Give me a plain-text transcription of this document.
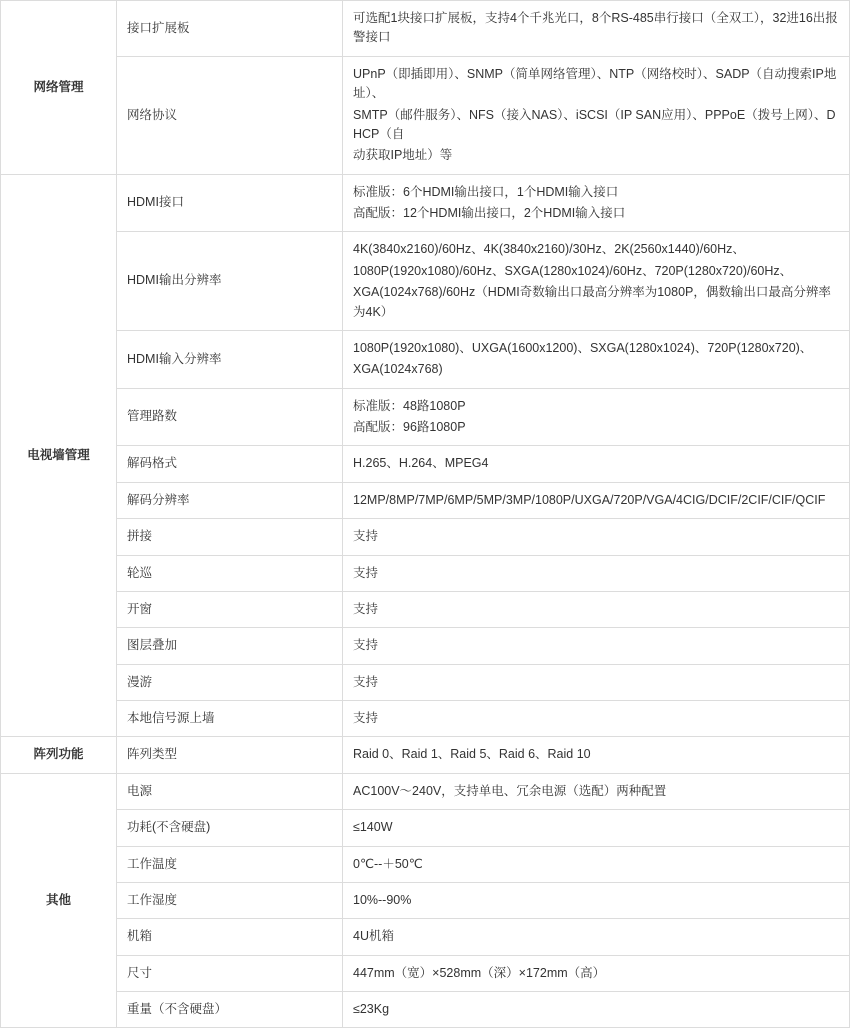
网络管理	接口扩展板	可选配1块接口扩展板，支持4个千兆光口，8个RS-485串行接口（全双工），32进16出报警接口

	网络协议	UPnP（即插即用）、SNMP（简单网络管理）、NTP（网络校时）、SADP（自动搜索IP地址）、
SMTP（邮件服务）、NFS（接入NAS）、iSCSI（IP SAN应用）、PPPoE（拨号上网）、DHCP（自
动获取IP地址）等

电视墙管理	HDMI接口	标准版：6个HDMI输出接口，1个HDMI输入接口
高配版：12个HDMI输出接口，2个HDMI输入接口

	HDMI输出分辨率	4K(3840x2160)/60Hz、4K(3840x2160)/30Hz、2K(2560x1440)/60Hz、
1080P(1920x1080)/60Hz、SXGA(1280x1024)/60Hz、720P(1280x720)/60Hz、
XGA(1024x768)/60Hz（HDMI奇数输出口最高分辨率为1080P，偶数输出口最高分辨率为4K）

	HDMI输入分辨率	1080P(1920x1080)、UXGA(1600x1200)、SXGA(1280x1024)、720P(1280x720)、
XGA(1024x768)

	管理路数	标准版：48路1080P
高配版：96路1080P

	解码格式	H.265、H.264、MPEG4

	解码分辨率	12MP/8MP/7MP/6MP/5MP/3MP/1080P/UXGA/720P/VGA/4CIG/DCIF/2CIF/CIF/QCIF

	拼接	支持

	轮巡	支持

	开窗	支持

	图层叠加	支持

	漫游	支持

	本地信号源上墙	支持

阵列功能	阵列类型	Raid 0、Raid 1、Raid 5、Raid 6、Raid 10

其他	电源	AC100V～240V，支持单电、冗余电源（选配）两种配置

	功耗(不含硬盘)	≤140W

	工作温度	0℃--＋50℃

	工作湿度	10%--90%

	机箱	4U机箱

	尺寸	447mm（宽）×528mm（深）×172mm（高）

	重量（不含硬盘）	≤23Kg
